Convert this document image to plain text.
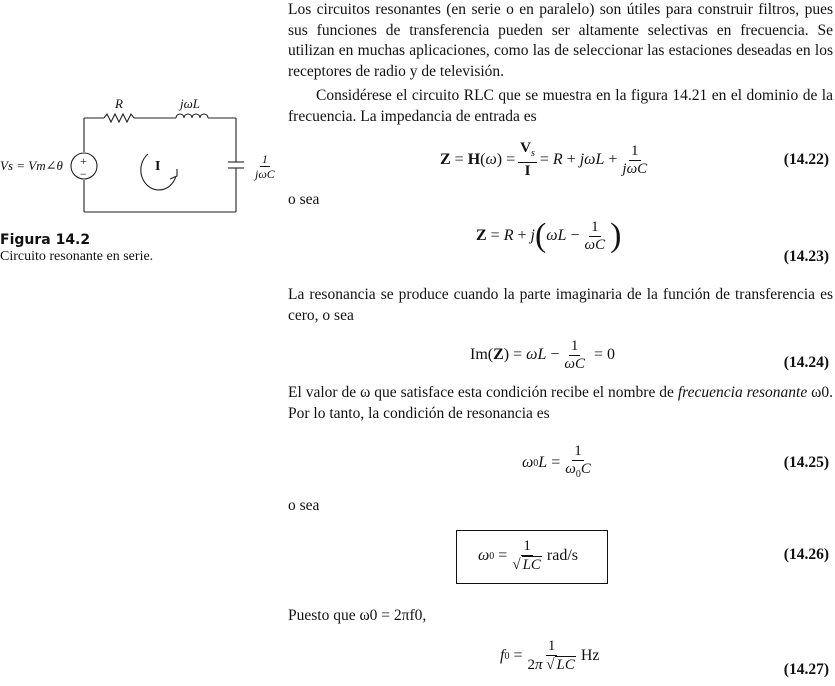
+
−
Vs = Vm∠θ
R	jωL
I	$\frac{1}{\text{jωC}}$
Figura 14.2
Circuito resonante en serie.

Los circuitos resonantes (en serie o en paralelo) son útiles para construir filtros, pues sus funciones de transferencia pueden ser altamente selectivas en frecuencia. Se utilizan en muchas aplicaciones, como las de seleccionar las estaciones deseadas en los receptores de radio y de televisión.

Considérese el circuito RLC que se muestra en la figura 14.21 en el dominio de la frecuencia. La impedancia de entrada es

Z = H ( ω ) = $\frac{V_s}{I} = R + j\omega L + \frac{1}{\text{jωC}}$	(14.22)
o sea
Z = R + j ( $\omega L - \frac{1}{\omega C}$ )
(14.23)

La resonancia se produce cuando la parte imaginaria de la función de transferencia es cero, o sea

Im( Z ) = $\omega L - \frac{1}{\omega C} = 0$	(14.24)

El valor de ω que satisface esta condición recibe el nombre de frecuencia resonante ω0. Por lo tanto, la condición de resonancia es

ω 0 $L = \frac{1}{\omega_0C}$	(14.25)
o sea
ω $0 = \frac{1}{√ LC} rad/s$	(14.26)
Puesto que ω0 = 2πf0,
f $0 = \frac{1}{2\pi √ LC}$ Hz
(14.27)
